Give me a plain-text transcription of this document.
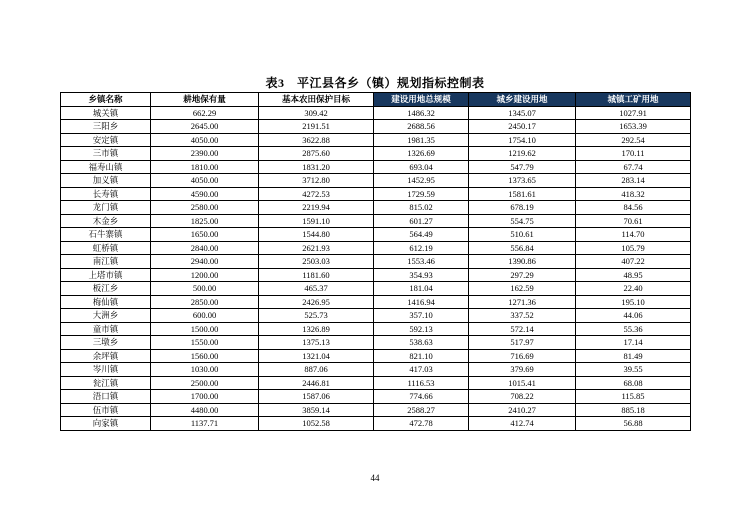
表3　平江县各乡（镇）规划指标控制表
乡镇名称	耕地保有量	基本农田保护目标	建设用地总规模	城乡建设用地	城镇工矿用地
城关镇	662.29	309.42	1486.32	1345.07	1027.91
三阳乡	2645.00	2191.51	2688.56	2450.17	1653.39
安定镇	4050.00	3622.88	1981.35	1754.10	292.54
三市镇	2390.00	2875.60	1326.69	1219.62	170.11
福寿山镇	1810.00	1831.20	693.04	547.79	67.74
加义镇	4050.00	3712.80	1452.95	1373.65	283.14
长寿镇	4590.00	4272.53	1729.59	1581.61	418.32
龙门镇	2580.00	2219.94	815.02	678.19	84.56
木金乡	1825.00	1591.10	601.27	554.75	70.61
石牛寨镇	1650.00	1544.80	564.49	510.61	114.70
虹桥镇	2840.00	2621.93	612.19	556.84	105.79
南江镇	2940.00	2503.03	1553.46	1390.86	407.22
上塔市镇	1200.00	1181.60	354.93	297.29	48.95
板江乡	500.00	465.37	181.04	162.59	22.40
梅仙镇	2850.00	2426.95	1416.94	1271.36	195.10
大洲乡	600.00	525.73	357.10	337.52	44.06
童市镇	1500.00	1326.89	592.13	572.14	55.36
三墩乡	1550.00	1375.13	538.63	517.97	17.14
余坪镇	1560.00	1321.04	821.10	716.69	81.49
岑川镇	1030.00	887.06	417.03	379.69	39.55
瓮江镇	2500.00	2446.81	1116.53	1015.41	68.08
浯口镇	1700.00	1587.06	774.66	708.22	115.85
伍市镇	4480.00	3859.14	2588.27	2410.27	885.18
向家镇	1137.71	1052.58	472.78	412.74	56.88
44
